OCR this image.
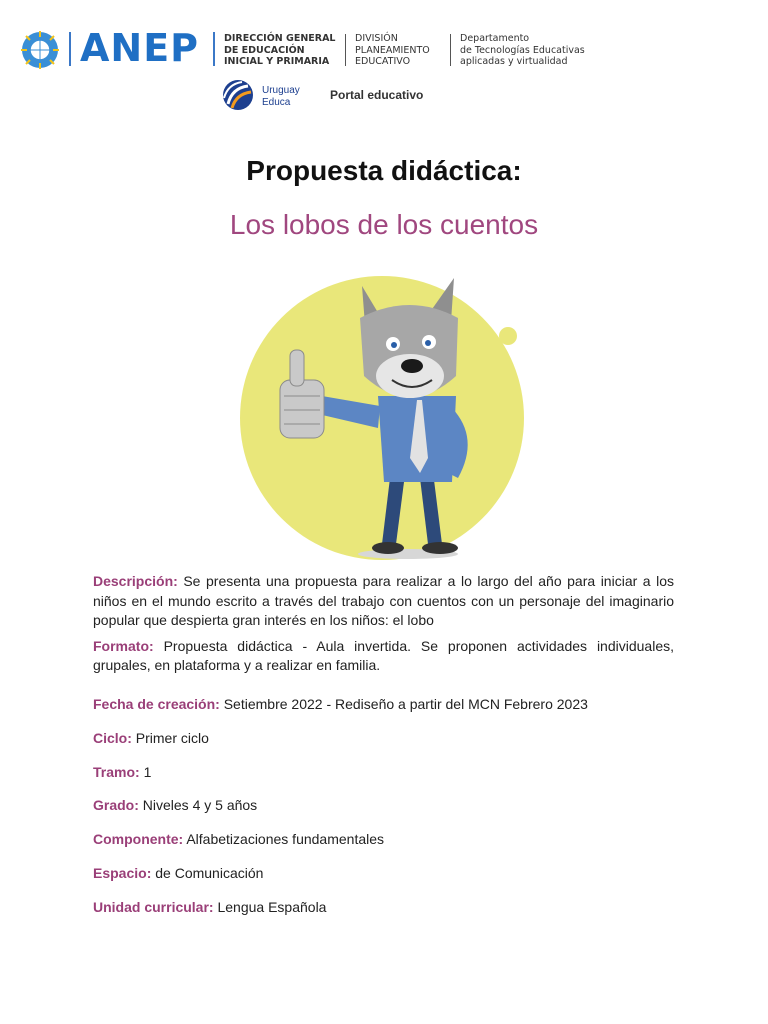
ANEP	DIRECCIÓN GENERAL
DE EDUCACIÓN
INICIAL Y PRIMARIA
DIVISIÓN
PLANEAMIENTO
EDUCATIVO
Departamento
de Tecnologías Educativas
aplicadas y virtualidad
Uruguay
Educa
Portal educativo
Propuesta didáctica:
Los lobos de los cuentos

Descripción: Se presenta una propuesta para realizar a lo largo del año para iniciar a los niños en el mundo escrito a través del trabajo con cuentos con un personaje del imaginario popular que despierta gran interés en los niños: el lobo

Formato: Propuesta didáctica - Aula invertida. Se proponen actividades individuales, grupales, en plataforma y a realizar en familia.

Fecha de creación: Setiembre 2022 - Rediseño a partir del MCN Febrero 2023
Ciclo: Primer ciclo
Tramo: 1
Grado: Niveles 4 y 5 años
Componente: Alfabetizaciones fundamentales
Espacio: de Comunicación
Unidad curricular: Lengua Española
